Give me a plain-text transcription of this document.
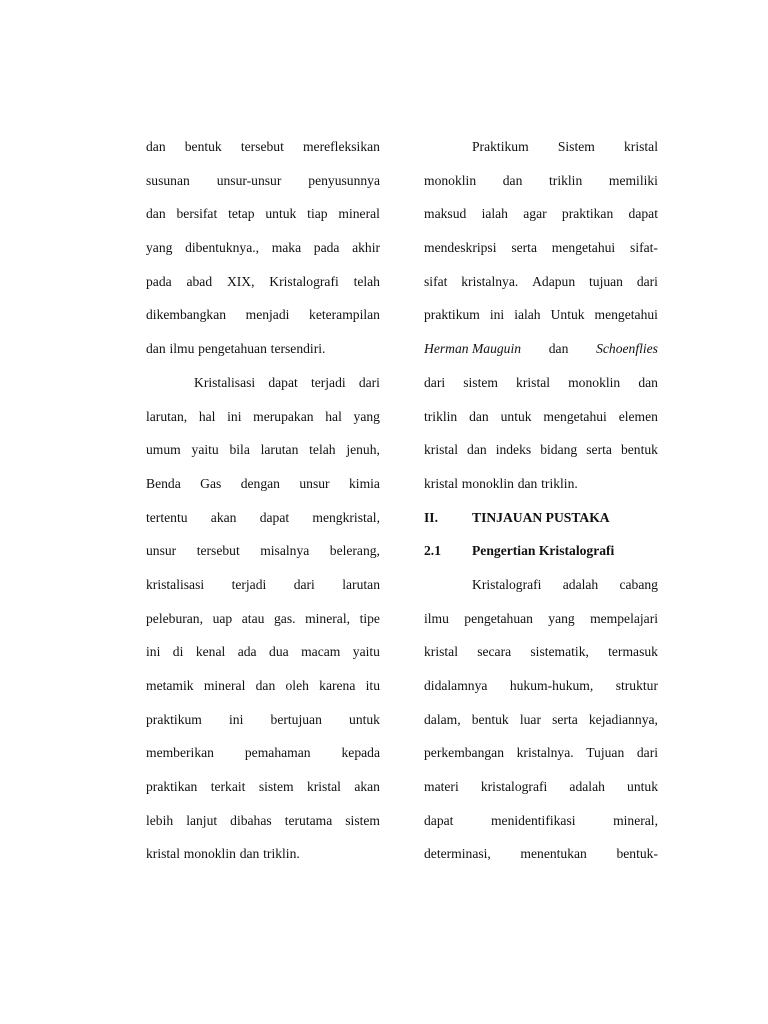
dan bentuk tersebut merefleksikan
susunan unsur-unsur penyusunnya
dan bersifat tetap untuk tiap mineral
yang dibentuknya., maka pada akhir
pada abad XIX, Kristalografi telah
dikembangkan menjadi keterampilan
dan ilmu pengetahuan tersendiri.
Kristalisasi dapat terjadi dari
larutan, hal ini merupakan hal yang
umum yaitu bila larutan telah jenuh,
Benda Gas dengan unsur kimia
tertentu akan dapat mengkristal,
unsur tersebut misalnya belerang,
kristalisasi terjadi dari larutan
peleburan, uap atau gas. mineral, tipe
ini di kenal ada dua macam yaitu
metamik mineral dan oleh karena itu
praktikum ini bertujuan untuk
memberikan pemahaman kepada
praktikan terkait sistem kristal akan
lebih lanjut dibahas terutama sistem
kristal monoklin dan triklin.
Praktikum Sistem kristal
monoklin dan triklin memiliki
maksud ialah agar praktikan dapat
mendeskripsi serta mengetahui sifat-
sifat kristalnya. Adapun tujuan dari
praktikum ini ialah Untuk mengetahui
Herman Mauguin dan Schoenflies
dari sistem kristal monoklin dan
triklin dan untuk mengetahui elemen
kristal dan indeks bidang serta bentuk
kristal monoklin dan triklin.
II.	TINJAUAN PUSTAKA
2.1	Pengertian Kristalografi
Kristalografi adalah cabang
ilmu pengetahuan yang mempelajari
kristal secara sistematik, termasuk
didalamnya hukum-hukum, struktur
dalam, bentuk luar serta kejadiannya,
perkembangan kristalnya. Tujuan dari
materi kristalografi adalah untuk
dapat	menidentifikasi	mineral,
determinasi, menentukan bentuk-
